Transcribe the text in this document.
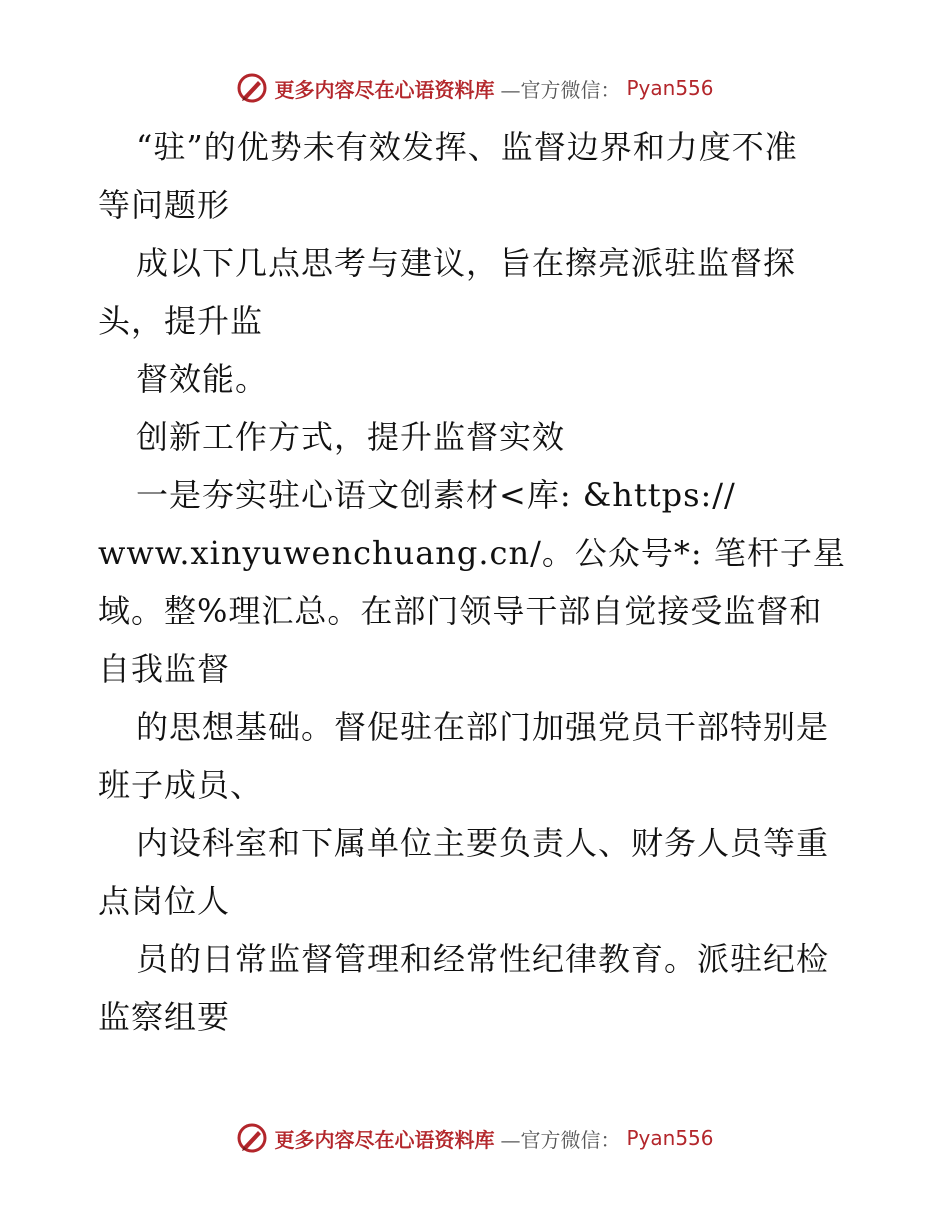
更多内容尽在心语资料库 —官方微信： Pyan556
“驻”的优势未有效发挥、监督边界和力度不准
等问题形
成以下几点思考与建议，旨在擦亮派驻监督探
头，提升监
督效能。
创新工作方式，提升监督实效
一是夯实驻心语文创素材<库: &https://
www.xinyuwenchuang.cn/。公众号*: 笔杆子星
域。整%理汇总。在部门领导干部自觉接受监督和
自我监督
的思想基础。督促驻在部门加强党员干部特别是
班子成员、
内设科室和下属单位主要负责人、财务人员等重
点岗位人
员的日常监督管理和经常性纪律教育。派驻纪检
监察组要
更多内容尽在心语资料库 —官方微信： Pyan556
